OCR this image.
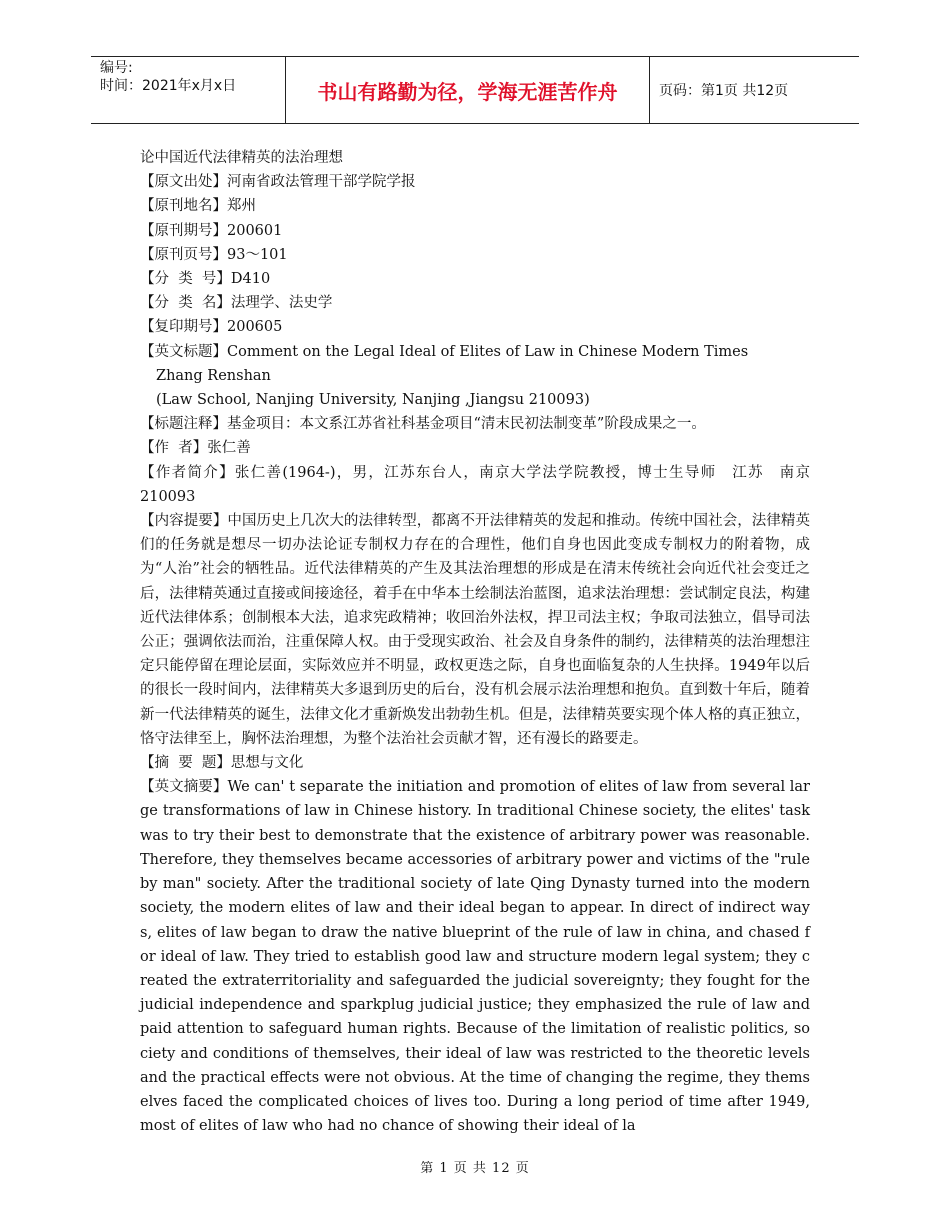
编号:
时间：2021年x月x日	书山有路勤为径，学海无涯苦作舟	页码：第1页 共12页
论中国近代法律精英的法治理想
【原文出处】河南省政法管理干部学院学报
【原刊地名】郑州
【原刊期号】200601
【原刊页号】93～101
【分  类  号】D410
【分  类  名】法理学、法史学
【复印期号】200605
【英文标题】Comment on the Legal Ideal of Elites of Law in Chinese Modern Times
Zhang Renshan
(Law School, Nanjing University, Nanjing ,Jiangsu 210093)
【标题注释】基金项目：本文系江苏省社科基金项目“清末民初法制变革”阶段成果之一。
【作  者】张仁善
【作者简介】张仁善(1964-)，男，江苏东台人，南京大学法学院教授，博士生导师　江苏　南京　210093
【内容提要】中国历史上几次大的法律转型，都离不开法律精英的发起和推动。传统中国社会，法律精英们的任务就是想尽一切办法论证专制权力存在的合理性，他们自身也因此变成专制权力的附着物，成为“人治”社会的牺牲品。近代法律精英的产生及其法治理想的形成是在清末传统社会向近代社会变迁之后，法律精英通过直接或间接途径，着手在中华本土绘制法治蓝图，追求法治理想：尝试制定良法，构建近代法律体系；创制根本大法，追求宪政精神；收回治外法权，捍卫司法主权；争取司法独立，倡导司法公正；强调依法而治，注重保障人权。由于受现实政治、社会及自身条件的制约，法律精英的法治理想注定只能停留在理论层面，实际效应并不明显，政权更迭之际，自身也面临复杂的人生抉择。1949年以后的很长一段时间内，法律精英大多退到历史的后台，没有机会展示法治理想和抱负。直到数十年后，随着新一代法律精英的诞生，法律文化才重新焕发出勃勃生机。但是，法律精英要实现个体人格的真正独立，恪守法律至上，胸怀法治理想，为整个法治社会贡献才智，还有漫长的路要走。
【摘  要  题】思想与文化
【英文摘要】We can' t separate the initiation and promotion of elites of law from several large transformations of law in Chinese history. In traditional Chinese society, the elites' task was to try their best to demonstrate that the existence of arbitrary power was reasonable. Therefore, they themselves became accessories of arbitrary power and victims of the "rule by man" society. After the traditional society of late Qing Dynasty turned into the modern society, the modern elites of law and their ideal began to appear. In direct of indirect ways, elites of law began to draw the native blueprint of the rule of law in china, and chased for ideal of law. They tried to establish good law and structure modern legal system; they created the extraterritoriality and safeguarded the judicial sovereignty; they fought for the judicial independence and sparkplug judicial justice; they emphasized the rule of law and paid attention to safeguard human rights. Because of the limitation of realistic politics, society and conditions of themselves, their ideal of law was restricted to the theoretic levels and the practical effects were not obvious. At the time of changing the regime, they themselves faced the complicated choices of lives too. During a long period of time after 1949, most of elites of law who had no chance of showing their ideal of la
第 1 页 共 12 页
